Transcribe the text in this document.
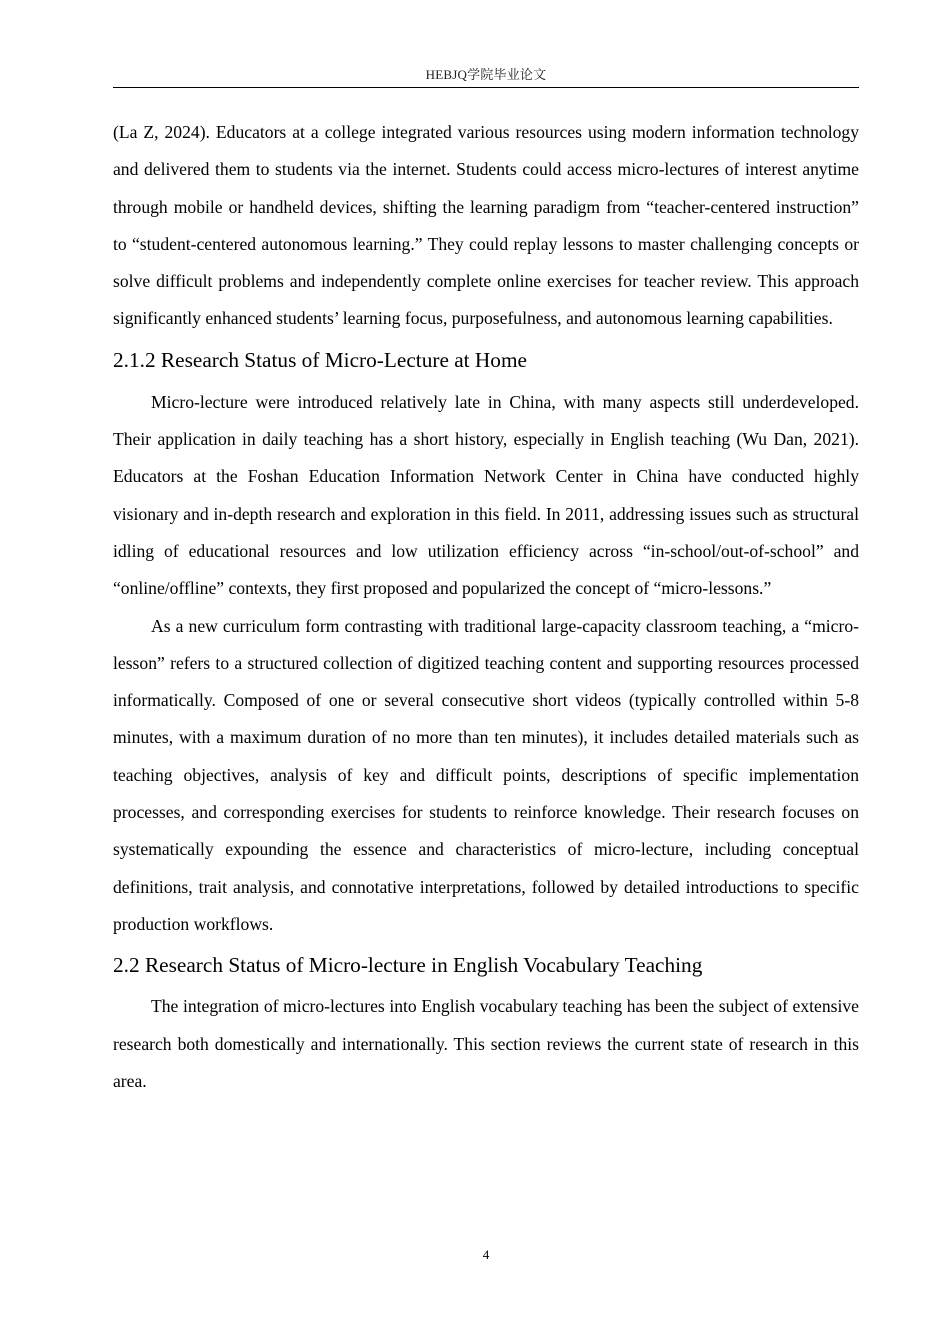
HEBJQ学院毕业论文

(La Z, 2024). Educators at a college integrated various resources using modern information technology and delivered them to students via the internet. Students could access micro-lectures of interest anytime through mobile or handheld devices, shifting the learning paradigm from “teacher-centered instruction” to “student-centered autonomous learning.” They could replay lessons to master challenging concepts or solve difficult problems and independently complete online exercises for teacher review. This approach significantly enhanced students’ learning focus, purposefulness, and autonomous learning capabilities.

2.1.2 Research Status of Micro-Lecture at Home

Micro-lecture were introduced relatively late in China, with many aspects still underdeveloped. Their application in daily teaching has a short history, especially in English teaching (Wu Dan, 2021). Educators at the Foshan Education Information Network Center in China have conducted highly visionary and in-depth research and exploration in this field. In 2011, addressing issues such as structural idling of educational resources and low utilization efficiency across “in-school/out-of-school” and “online/offline” contexts, they first proposed and popularized the concept of “micro-lessons.”

As a new curriculum form contrasting with traditional large-capacity classroom teaching, a “micro-lesson” refers to a structured collection of digitized teaching content and supporting resources processed informatically. Composed of one or several consecutive short videos (typically controlled within 5-8 minutes, with a maximum duration of no more than ten minutes), it includes detailed materials such as teaching objectives, analysis of key and difficult points, descriptions of specific implementation processes, and corresponding exercises for students to reinforce knowledge. Their research focuses on systematically expounding the essence and characteristics of micro-lecture, including conceptual definitions, trait analysis, and connotative interpretations, followed by detailed introductions to specific production workflows.

2.2 Research Status of Micro-lecture in English Vocabulary Teaching

The integration of micro-lectures into English vocabulary teaching has been the subject of extensive research both domestically and internationally. This section reviews the current state of research in this area.

4
